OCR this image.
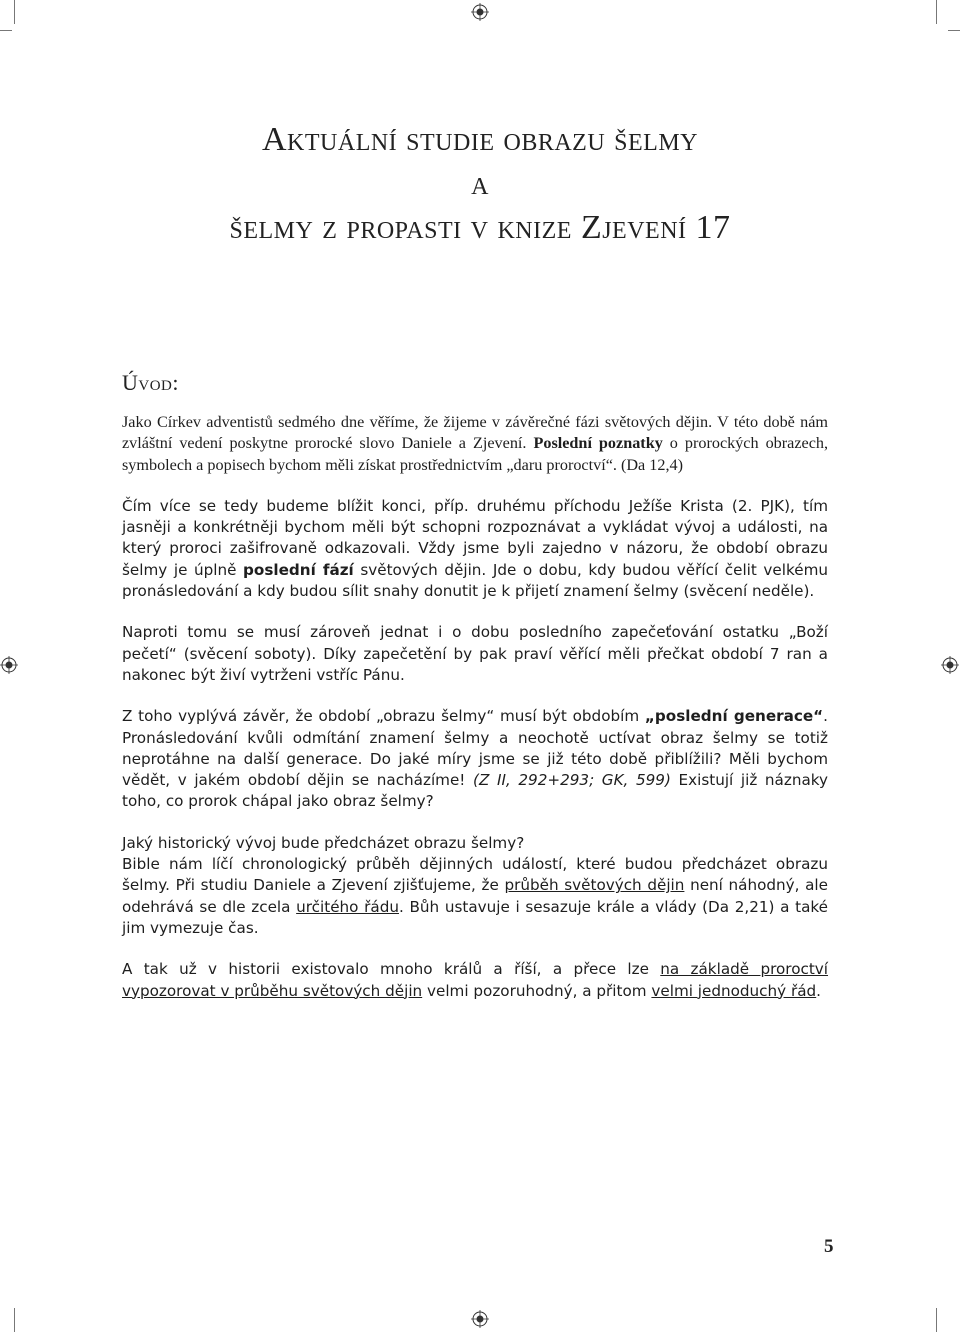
Aktuální studie obrazu šelmy

a

šelmy z propasti v knize Zjevení 17

Úvod:

Jako Církev adventistů sedmého dne věříme, že žijeme v závěrečné fázi světových dějin. V této době nám zvláštní vedení poskytne prorocké slovo Daniele a Zjevení. Poslední poznatky o prorockých obrazech, symbolech a popisech bychom měli získat prostřednictvím „daru proroctví“. (Da 12,4)

Čím více se tedy budeme blížit konci, příp. druhému příchodu Ježíše Krista (2. PJK), tím jasněji a konkrétněji bychom měli být schopni rozpoznávat a vykládat vývoj a události, na který proroci zašifrovaně odkazovali. Vždy jsme byli zajedno v názoru, že období obrazu šelmy je úplně poslední fází světových dějin. Jde o dobu, kdy budou věřící čelit velkému pronásledování a kdy budou sílit snahy donutit je k přijetí znamení šelmy (svěcení neděle).

Naproti tomu se musí zároveň jednat i o dobu posledního zapečeťování ostatku „Boží pečetí“ (svěcení soboty). Díky zapečetění by pak praví věřící měli přečkat období 7 ran a nakonec být živí vytrženi vstříc Pánu.

Z toho vyplývá závěr, že období „obrazu šelmy“ musí být obdobím „poslední generace“. Pronásledování kvůli odmítání znamení šelmy a neochotě uctívat obraz šelmy se totiž neprotáhne na další generace. Do jaké míry jsme se již této době přiblížili? Měli bychom vědět, v jakém období dějin se nacházíme! (Z II, 292+293; GK, 599) Existují již náznaky toho, co prorok chápal jako obraz šelmy?

Jaký historický vývoj bude předcházet obrazu šelmy?

Bible nám líčí chronologický průběh dějinných událostí, které budou předcházet obrazu šelmy. Při studiu Daniele a Zjevení zjišťujeme, že průběh světových dějin není náhodný, ale odehrává se dle zcela určitého řádu. Bůh ustavuje i sesazuje krále a vlády (Da 2,21) a také jim vymezuje čas.

A tak už v historii existovalo mnoho králů a říší, a přece lze na základě proroctví vypozorovat v průběhu světových dějin velmi pozoruhodný, a přitom velmi jednoduchý řád.

5
